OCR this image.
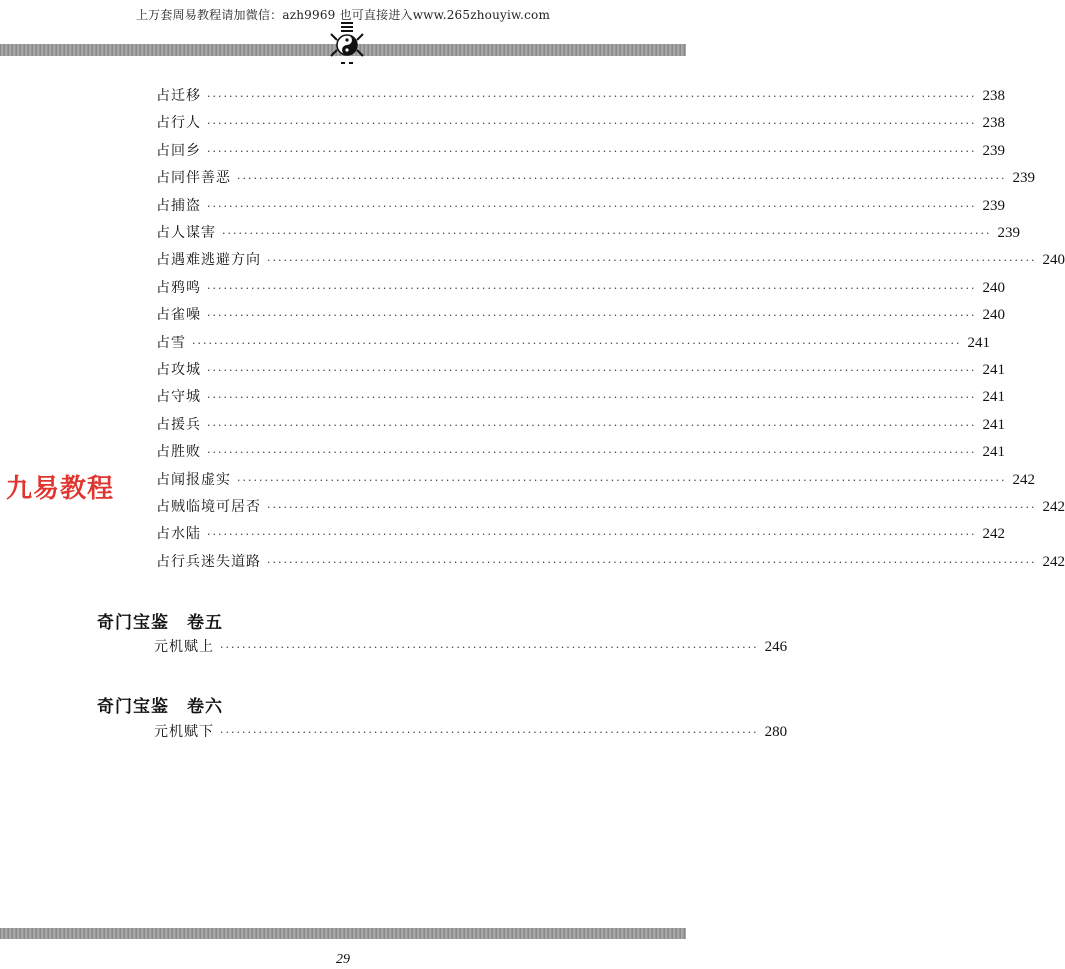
上万套周易教程请加微信：azh9969 也可直接进入www.265zhouyiw.com
九易教程
占迁移 ············································································································································ 238
占行人 ············································································································································ 238
占回乡 ············································································································································ 239
占同伴善恶 ············································································································································ 239
占捕盗 ············································································································································ 239
占人谋害 ············································································································································ 239
占遇难逃避方向 ············································································································································ 240
占鸦鸣 ············································································································································ 240
占雀噪 ············································································································································ 240
占雪 ············································································································································ 241
占攻城 ············································································································································ 241
占守城 ············································································································································ 241
占援兵 ············································································································································ 241
占胜败 ············································································································································ 241
占闻报虚实 ············································································································································ 242
占贼临境可居否 ············································································································································ 242
占水陆 ············································································································································ 242
占行兵迷失道路 ············································································································································ 242
奇门宝鉴 卷五
元机赋上 ·································································································· 246
奇门宝鉴 卷六
元机赋下 ·································································································· 280
29
